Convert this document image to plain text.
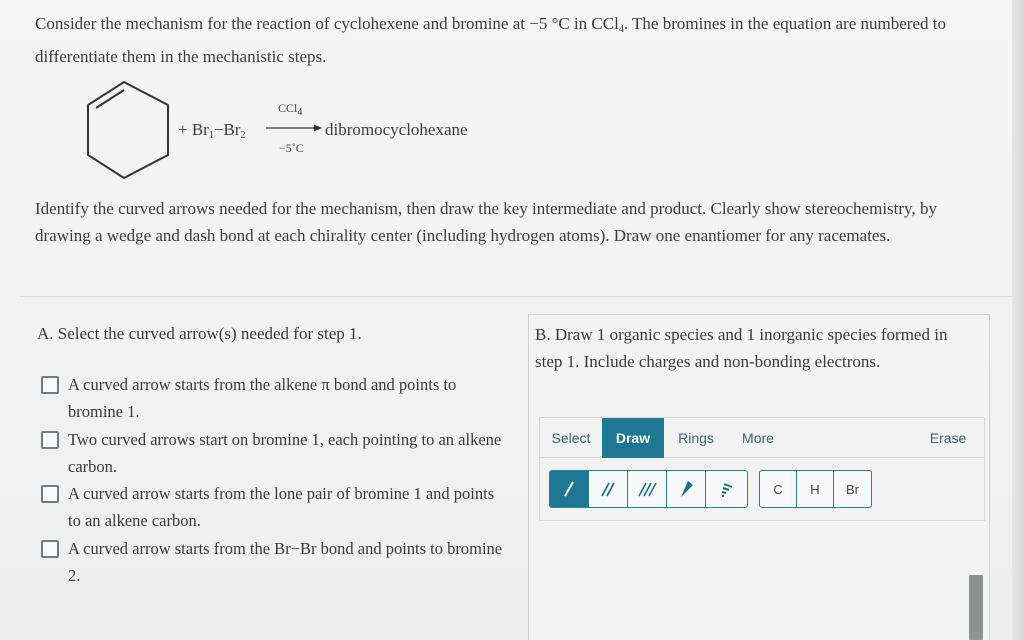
Consider the mechanism for the reaction of cyclohexene and bromine at −5 °C in CCl$_4$. The bromines in the equation are numbered to differentiate them in the mechanistic steps.
+ $Br_1-Br_2$
CCl$_4$
−5˚C
dibromocyclohexane
Identify the curved arrows needed for the mechanism, then draw the key intermediate and product. Clearly show stereochemistry, by drawing a wedge and dash bond at each chirality center (including hydrogen atoms). Draw one enantiomer for any racemates.
A. Select the curved arrow(s) needed for step 1.
A curved arrow starts from the alkene π bond and points to bromine 1.
Two curved arrows start on bromine 1, each pointing to an alkene carbon.
A curved arrow starts from the lone pair of bromine 1 and points to an alkene carbon.
A curved arrow starts from the Br−Br bond and points to bromine 2.
B. Draw 1 organic species and 1 inorganic species formed in step 1. Include charges and non-bonding electrons.
Select	Draw	Rings	More	Erase
C	H	Br
